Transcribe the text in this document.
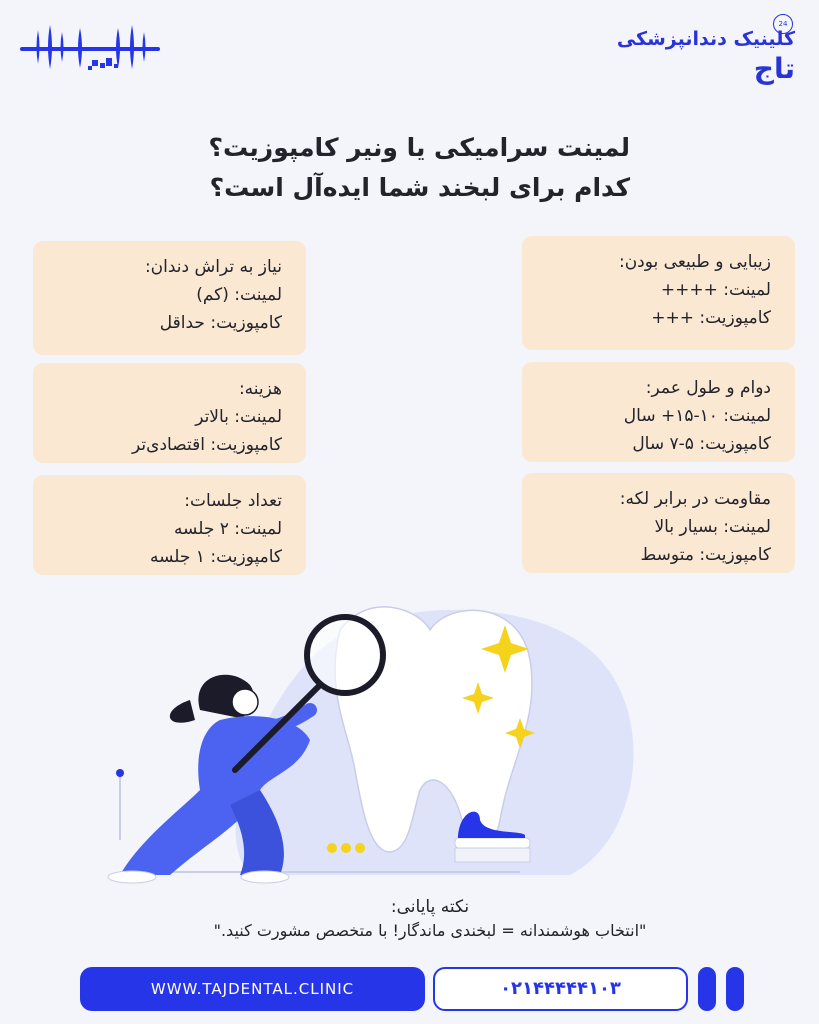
24
کلینیک دندانپزشکی
تاج
لمینت سرامیکی یا ونیر کامپوزیت؟
کدام برای لبخند شما ایده‌آل است؟
زیبایی و طبیعی بودن:
لمینت: ++++
کامپوزیت: +++
دوام و طول عمر:
لمینت: ۱۰-۱۵+ سال
کامپوزیت: ۵-۷ سال
مقاومت در برابر لکه:
لمینت: بسیار بالا
کامپوزیت: متوسط
نیاز به تراش دندان:
لمینت: (کم)
کامپوزیت: حداقل
هزینه:
لمینت: بالاتر
کامپوزیت: اقتصادی‌تر
تعداد جلسات:
لمینت: ۲ جلسه
کامپوزیت: ۱ جلسه
نکته پایانی:
"انتخاب هوشمندانه = لبخندی ماندگار! با متخصص مشورت کنید."
WWW.TAJDENTAL.CLINIC	۰۲۱۴۴۴۴۴۱۰۳
